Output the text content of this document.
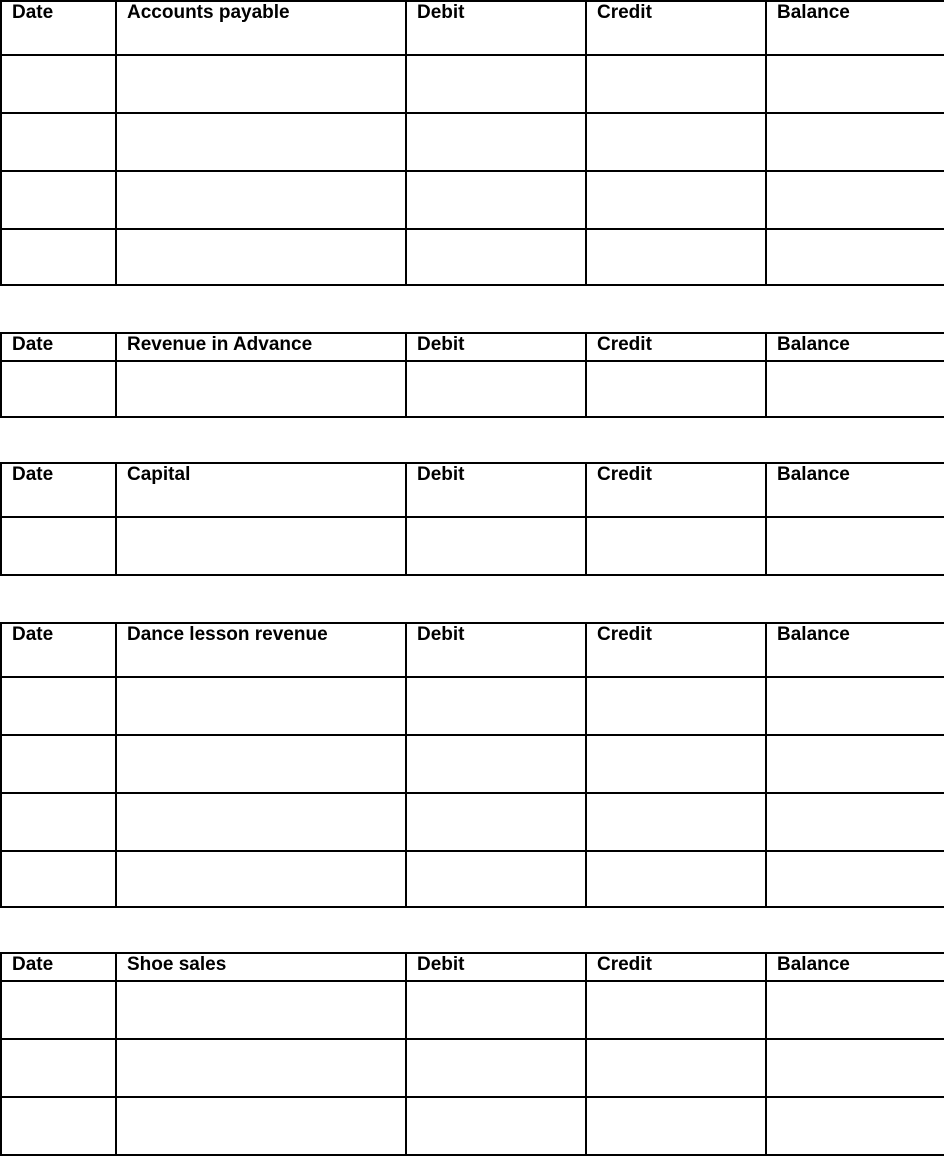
Date	Accounts payable	Debit	Credit	Balance

Date	Revenue in Advance	Debit	Credit	Balance

Date	Capital	Debit	Credit	Balance

Date	Dance lesson revenue	Debit	Credit	Balance

Date	Shoe sales	Debit	Credit	Balance
